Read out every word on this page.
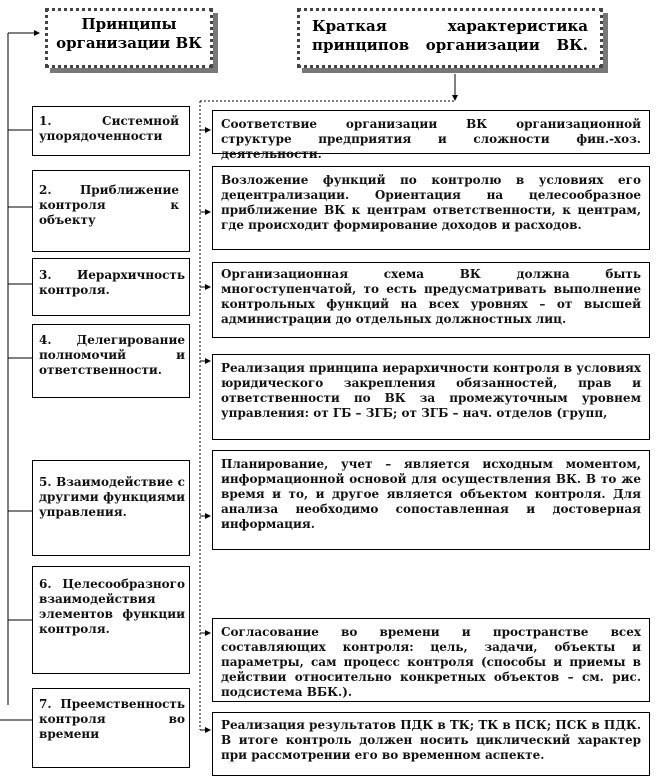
Принципы организации ВК
Краткая характеристика принципов организации ВК.
1. Системной упорядоченности
2. Приближение контроля к объекту
3. Иерархичность контроля.
4. Делегирование полномочий и ответственности.
5. Взаимодействие с другими функциями управления.
6. Целесообразного взаимодействия элементов функции контроля.
7. Преемственность контроля во времени
Соответствие организации ВК организационной структуре предприятия и сложности фин.-хоз. деятельности.
Возложение функций по контролю в условиях его децентрализации. Ориентация на целесообразное приближение ВК к центрам ответственности, к центрам, где происходит формирование доходов и расходов.
Организационная схема ВК должна быть многоступенчатой, то есть предусматривать выполнение контрольных функций на всех уровнях – от высшей администрации до отдельных должностных лиц.
Реализация принципа иерархичности контроля в условиях юридического закрепления обязанностей, прав и ответственности по ВК за промежуточным уровнем управления: от ГБ – ЗГБ; от ЗГБ – нач. отделов (групп,
Планирование, учет – является исходным моментом, информационной основой для осуществления ВК. В то же время и то, и другое является объектом контроля. Для анализа необходимо сопоставленная и достоверная информация.
Согласование во времени и пространстве всех составляющих контроля: цель, задачи, объекты и параметры, сам процесс контроля (способы и приемы в действии относительно конкретных объектов – см. рис. подсистема ВБК.).
Реализация результатов ПДК в ТК; ТК в ПСК; ПСК в ПДК. В итоге контроль должен носить циклический характер при рассмотрении его во временном аспекте.
